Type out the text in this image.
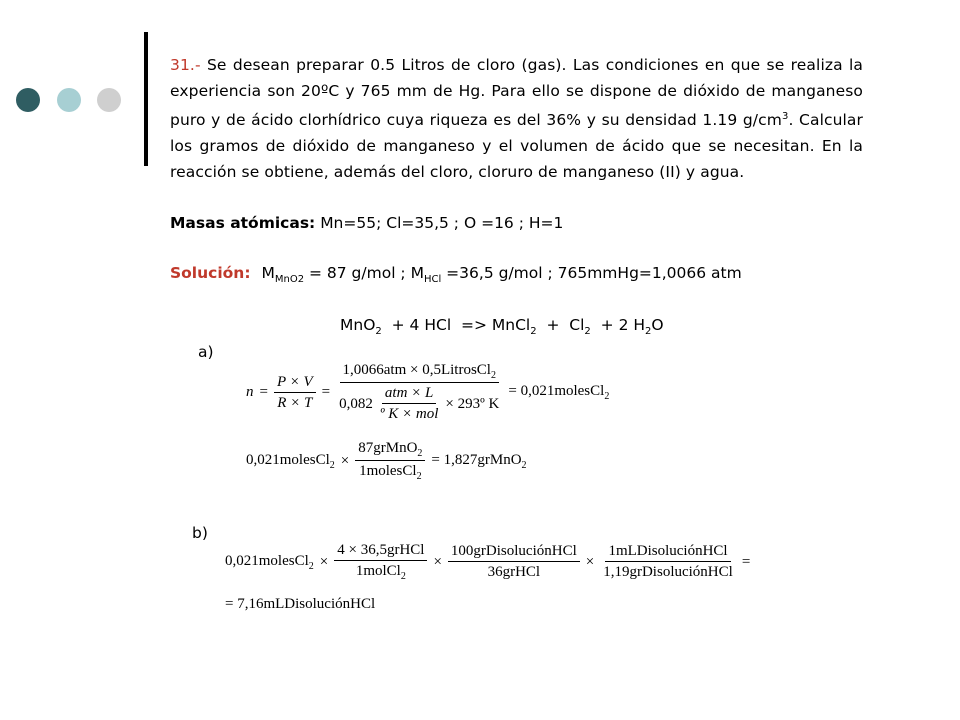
31.- Se desean preparar 0.5 Litros de cloro (gas). Las condiciones en que se realiza la experiencia son 20ºC y 765 mm de Hg. Para ello se dispone de dióxido de manganeso puro y de ácido clorhídrico cuya riqueza es del 36% y su densidad 1.19 $g/cm^3$. Calcular los gramos de dióxido de manganeso y el volumen de ácido que se necesitan. En la reacción se obtiene, además del cloro, cloruro de manganeso (II) y agua.
Masas atómicas: Mn=55; Cl=35,5 ; O =16 ; H=1
Solución: $M_{MnO2} = 87$ g/mol ; $M_{HCl} =36,5$ g/mol ; 765mmHg=1,0066 atm
MnO$_2$  + 4 HCl  => MnCl$_2$  +  $Cl_2 + 2$ $H_2O$
a)
$n = \frac{P \times V}{R \times T}$ =
1,0066atm × 0,5LitrosCl$_2$
$0,082 \frac{\text{atm × L}}{\text{º K × mol}}$ × 293º K
= 0,021molesCl$_2$
0,021molesCl$_2$ × $\frac{87grMnO_2}{1molesCl_2}$ = 1,827grMnO$_2$
b)
0,021molesCl$_2$ × $\frac{\text{4 × 36,5grHCl}}{1molCl_2} \times \frac{\text{100grDisoluciónHCl}}{\text{36grHCl}} \times \frac{\text{1mLDisoluciónHCl}}{\text{1,19grDisoluciónHCl}}$ =
= 7,16mLDisoluciónHCl
